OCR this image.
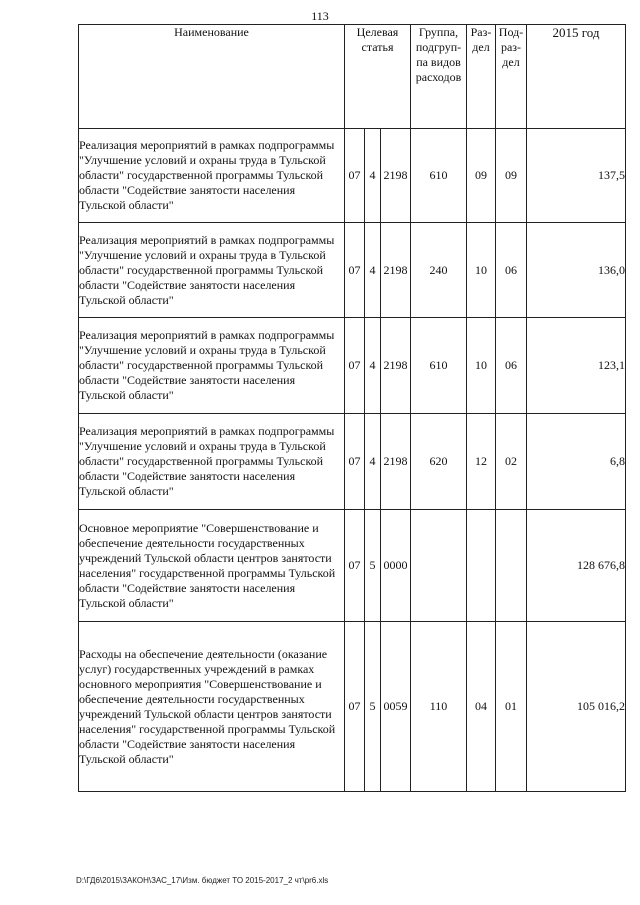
113
Наименование	Целевая статья			Группа, подгруп-па видов расходов	Раз-дел	Под-раз-дел	2015 год
Реализация мероприятий в рамках подпрограммы "Улучшение условий и охраны труда в Тульской области" государственной программы Тульской области "Содействие занятости населения Тульской области"	07	4	2198	610	09	09	137,5
Реализация мероприятий в рамках подпрограммы "Улучшение условий и охраны труда в Тульской области" государственной программы Тульской области "Содействие занятости населения Тульской области"	07	4	2198	240	10	06	136,0
Реализация мероприятий в рамках подпрограммы "Улучшение условий и охраны труда в Тульской области" государственной программы Тульской области "Содействие занятости населения Тульской области"	07	4	2198	610	10	06	123,1
Реализация мероприятий в рамках подпрограммы "Улучшение условий и охраны труда в Тульской области" государственной программы Тульской области "Содействие занятости населения Тульской области"	07	4	2198	620	12	02	6,8
Основное мероприятие "Совершенствование и обеспечение деятельности государственных учреждений Тульской области центров занятости населения" государственной программы Тульской области "Содействие занятости населения Тульской области"	07	5	0000				128 676,8
Расходы на обеспечение деятельности (оказание услуг) государственных учреждений в рамках основного мероприятия "Совершенствование и обеспечение деятельности государственных учреждений Тульской области центров занятости населения" государственной программы Тульской области "Содействие занятости населения Тульской области"	07	5	0059	110	04	01	105 016,2
D:\ГД6\2015\ЗАКОН\ЗАС_17\Изм. бюджет ТО 2015-2017_2 чт\pr6.xls
